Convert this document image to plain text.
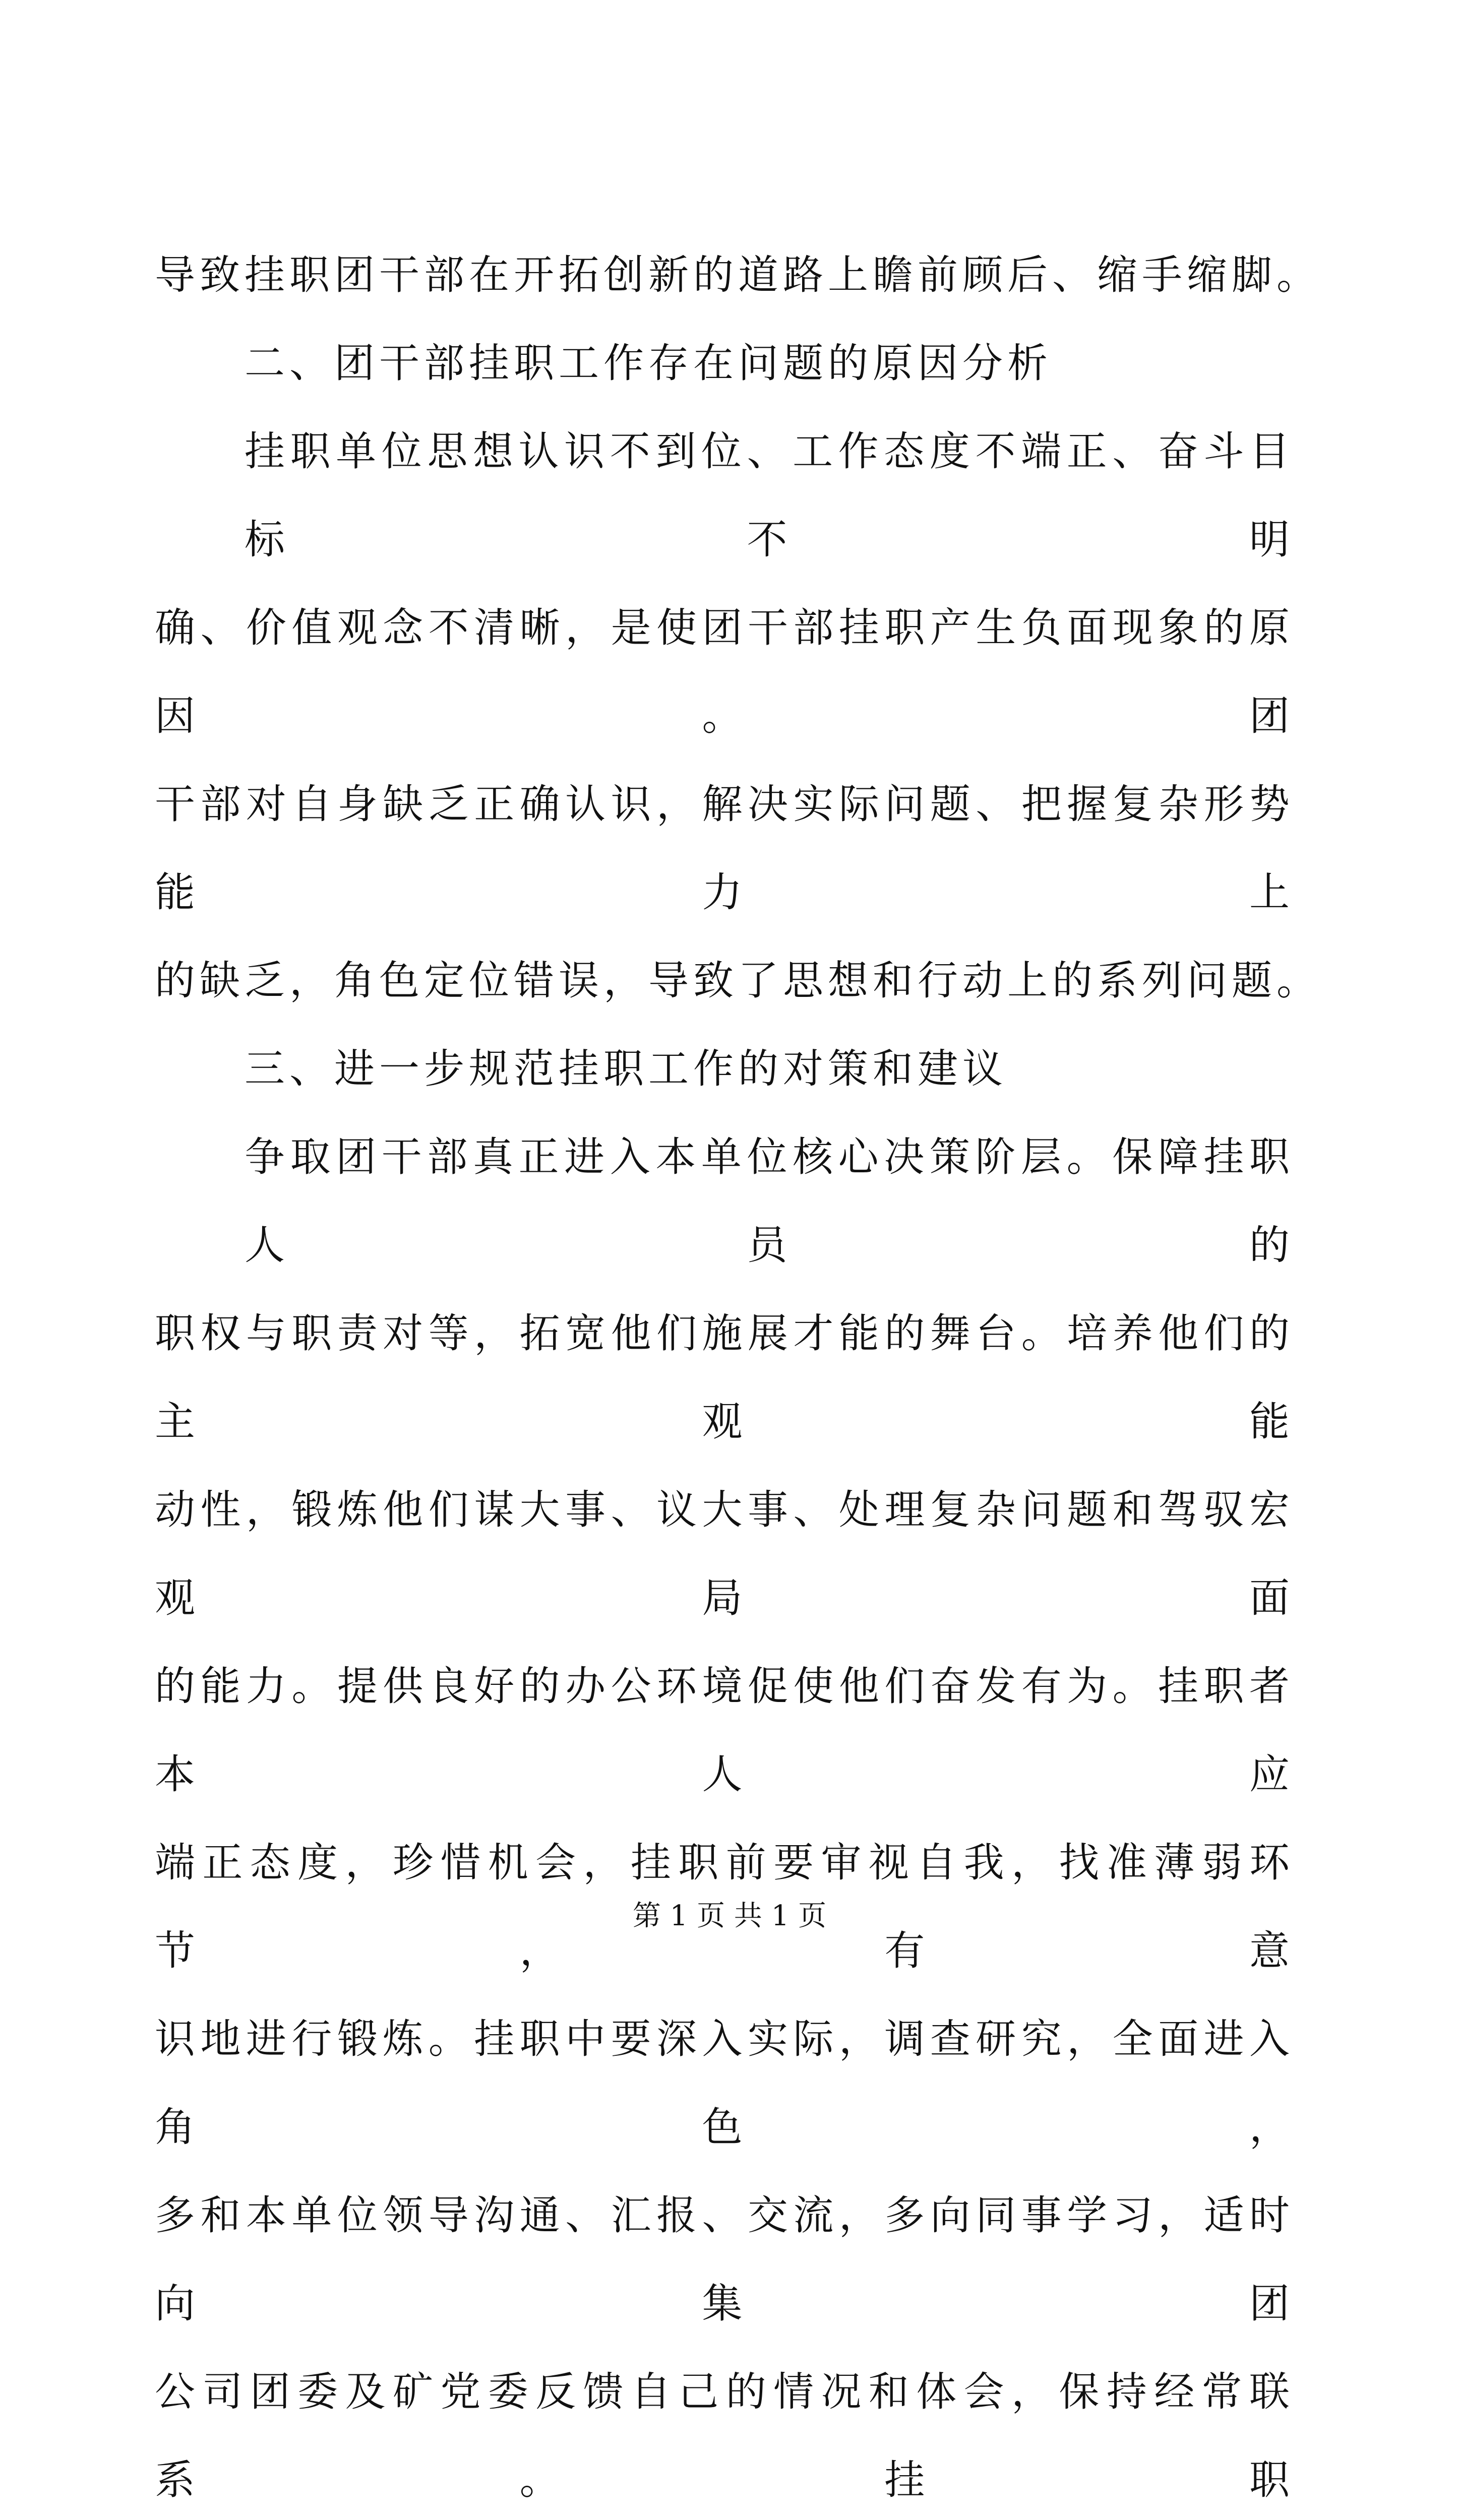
导致挂职团干部在开拓创新的道路上瞻前顾后、缩手缩脚。
二、团干部挂职工作存在问题的原因分析
挂职单位思想认识不到位、工作态度不端正、奋斗目标不明
确、价值观念不清晰，是使团干部挂职产生负面现象的原因。团
干部对自身缺乏正确认识，解决实际问题、把握复杂形势能力上
的缺乏，角色定位错误，导致了思想和行动上的系列问题。
三、进一步规范挂职工作的对策和建议
争取团干部真正进入本单位核心决策阶层。保障挂职人员的
职权与职责对等，拓宽他们施展才能的舞台。培养他们的主观能
动性，锻炼他们谋大事、议大事、处理复杂问题和驾驭宏观局面
的能力。提供良好的办公环境促使他们奋发有为。挂职者本人应
端正态度，珍惜机会，挂职前要审视自我，找准薄弱环节，有意
识地进行锻炼。挂职中要深入实际，调查研究，全面进入角色，
多和本单位领导沟通、汇报、交流，多向同事学习，适时向集团
公司团委及矿党委反馈自己的情况和体会，保持经常联系。挂职
第 1 页 共 1 页
